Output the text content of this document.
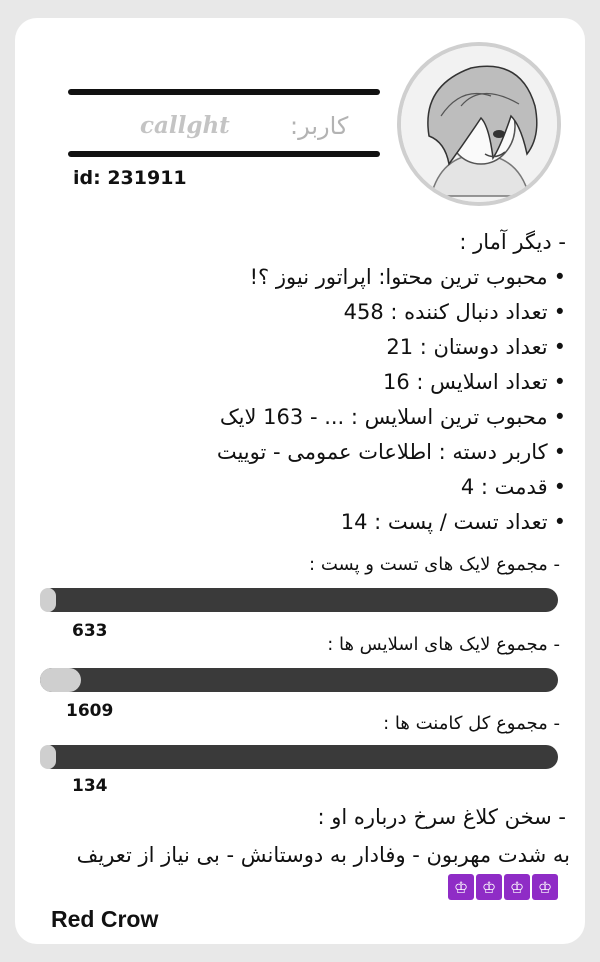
کاربر:
callght
id: 231911
- دیگر آمار :
•محبوب ترین محتوا: اپراتور نیوز ؟!
•تعداد دنبال کننده : 458
•تعداد دوستان : 21
•تعداد اسلایس : 16
•محبوب ترین اسلایس : ... - 163 لایک
•کاربر دسته : اطلاعات عمومی - توییت
•قدمت : 4
•تعداد تست / پست : 14
- مجموع لایک های تست و پست :
633
- مجموع لایک های اسلایس ها :
1609
- مجموع کل کامنت ها :
134
- سخن کلاغ سرخ درباره او :
به شدت مهربون - وفادار به دوستانش - بی نیاز از تعریف
♔ ♔ ♔ ♔
Red Crow
